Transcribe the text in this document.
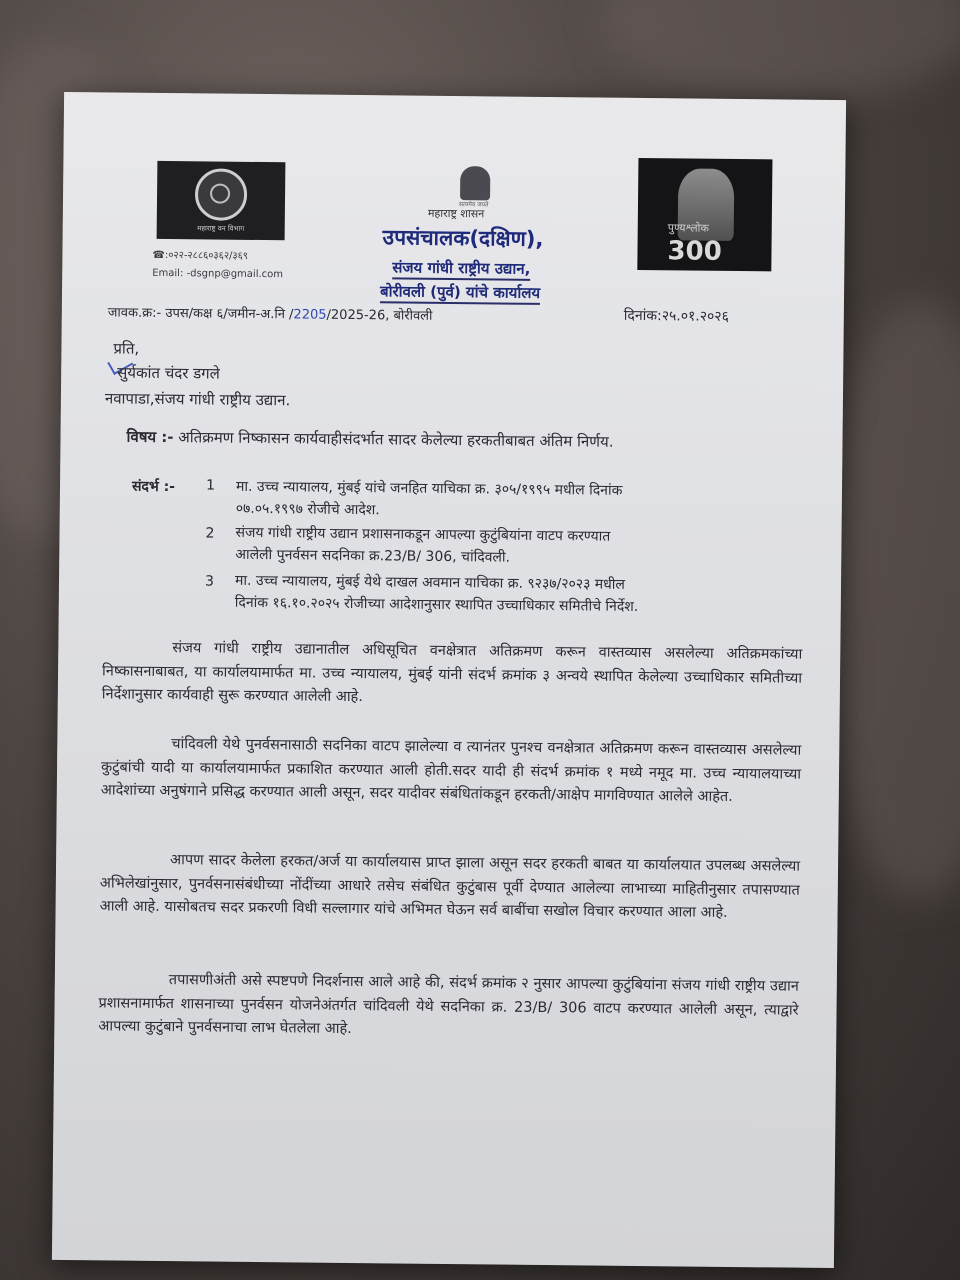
महाराष्ट्र वन विभाग
☎:०२२-२८८६०३६२/३६९
Email: -dsgnp@gmail.com
सत्यमेव जयते
महाराष्ट्र शासन
उपसंचालक(दक्षिण),
संजय गांधी राष्ट्रीय उद्यान,
बोरीवली (पुर्व) यांचे कार्यालय
पुण्यश्लोक
300
जावक.क्र:- उपस/कक्ष ६/जमीन-अ.नि /2205/2025-26, बोरीवली	दिनांक:२५.०१.२०२६
प्रति,
सुर्यकांत चंदर डगले
नवापाडा,संजय गांधी राष्ट्रीय उद्यान.
विषय :- अतिक्रमण निष्कासन कार्यवाहीसंदर्भात सादर केलेल्या हरकतीबाबत अंतिम निर्णय.
संदर्भ :- 1 मा. उच्च न्यायालय, मुंबई यांचे जनहित याचिका क्र. ३०५/१९९५ मधील दिनांक
०७.०५.१९९७ रोजीचे आदेश.
2 संजय गांधी राष्ट्रीय उद्यान प्रशासनाकडून आपल्या कुटुंबियांना वाटप करण्यात
आलेली पुनर्वसन सदनिका क्र.23/B/ 306, चांदिवली.
3 मा. उच्च न्यायालय, मुंबई येथे दाखल अवमान याचिका क्र. ९२३७/२०२३ मधील
दिनांक १६.१०.२०२५ रोजीच्या आदेशानुसार स्थापित उच्चाधिकार समितीचे निर्देश.
संजय गांधी राष्ट्रीय उद्यानातील अधिसूचित वनक्षेत्रात अतिक्रमण करून वास्तव्यास असलेल्या अतिक्रमकांच्या निष्कासनाबाबत, या कार्यालयामार्फत मा. उच्च न्यायालय, मुंबई यांनी संदर्भ क्रमांक ३ अन्वये स्थापित केलेल्या उच्चाधिकार समितीच्या निर्देशानुसार कार्यवाही सुरू करण्यात आलेली आहे.
चांदिवली येथे पुनर्वसनासाठी सदनिका वाटप झालेल्या व त्यानंतर पुनश्च वनक्षेत्रात अतिक्रमण करून वास्तव्यास असलेल्या कुटुंबांची यादी या कार्यालयामार्फत प्रकाशित करण्यात आली होती.सदर यादी ही संदर्भ क्रमांक १ मध्ये नमूद मा. उच्च न्यायालयाच्या आदेशांच्या अनुषंगाने प्रसिद्ध करण्यात आली असून, सदर यादीवर संबंधितांकडून हरकती/आक्षेप मागविण्यात आलेले आहेत.
आपण सादर केलेला हरकत/अर्ज या कार्यालयास प्राप्त झाला असून सदर हरकती बाबत या कार्यालयात उपलब्ध असलेल्या अभिलेखांनुसार, पुनर्वसनासंबंधीच्या नोंदींच्या आधारे तसेच संबंधित कुटुंबास पूर्वी देण्यात आलेल्या लाभाच्या माहितीनुसार तपासण्यात आली आहे. यासोबतच सदर प्रकरणी विधी सल्लागार यांचे अभिमत घेऊन सर्व बाबींचा सखोल विचार करण्यात आला आहे.
तपासणीअंती असे स्पष्टपणे निदर्शनास आले आहे की, संदर्भ क्रमांक २ नुसार आपल्या कुटुंबियांना संजय गांधी राष्ट्रीय उद्यान प्रशासनामार्फत शासनाच्या पुनर्वसन योजनेअंतर्गत चांदिवली येथे सदनिका क्र. 23/B/ 306 वाटप करण्यात आलेली असून, त्याद्वारे आपल्या कुटुंबाने पुनर्वसनाचा लाभ घेतलेला आहे.
